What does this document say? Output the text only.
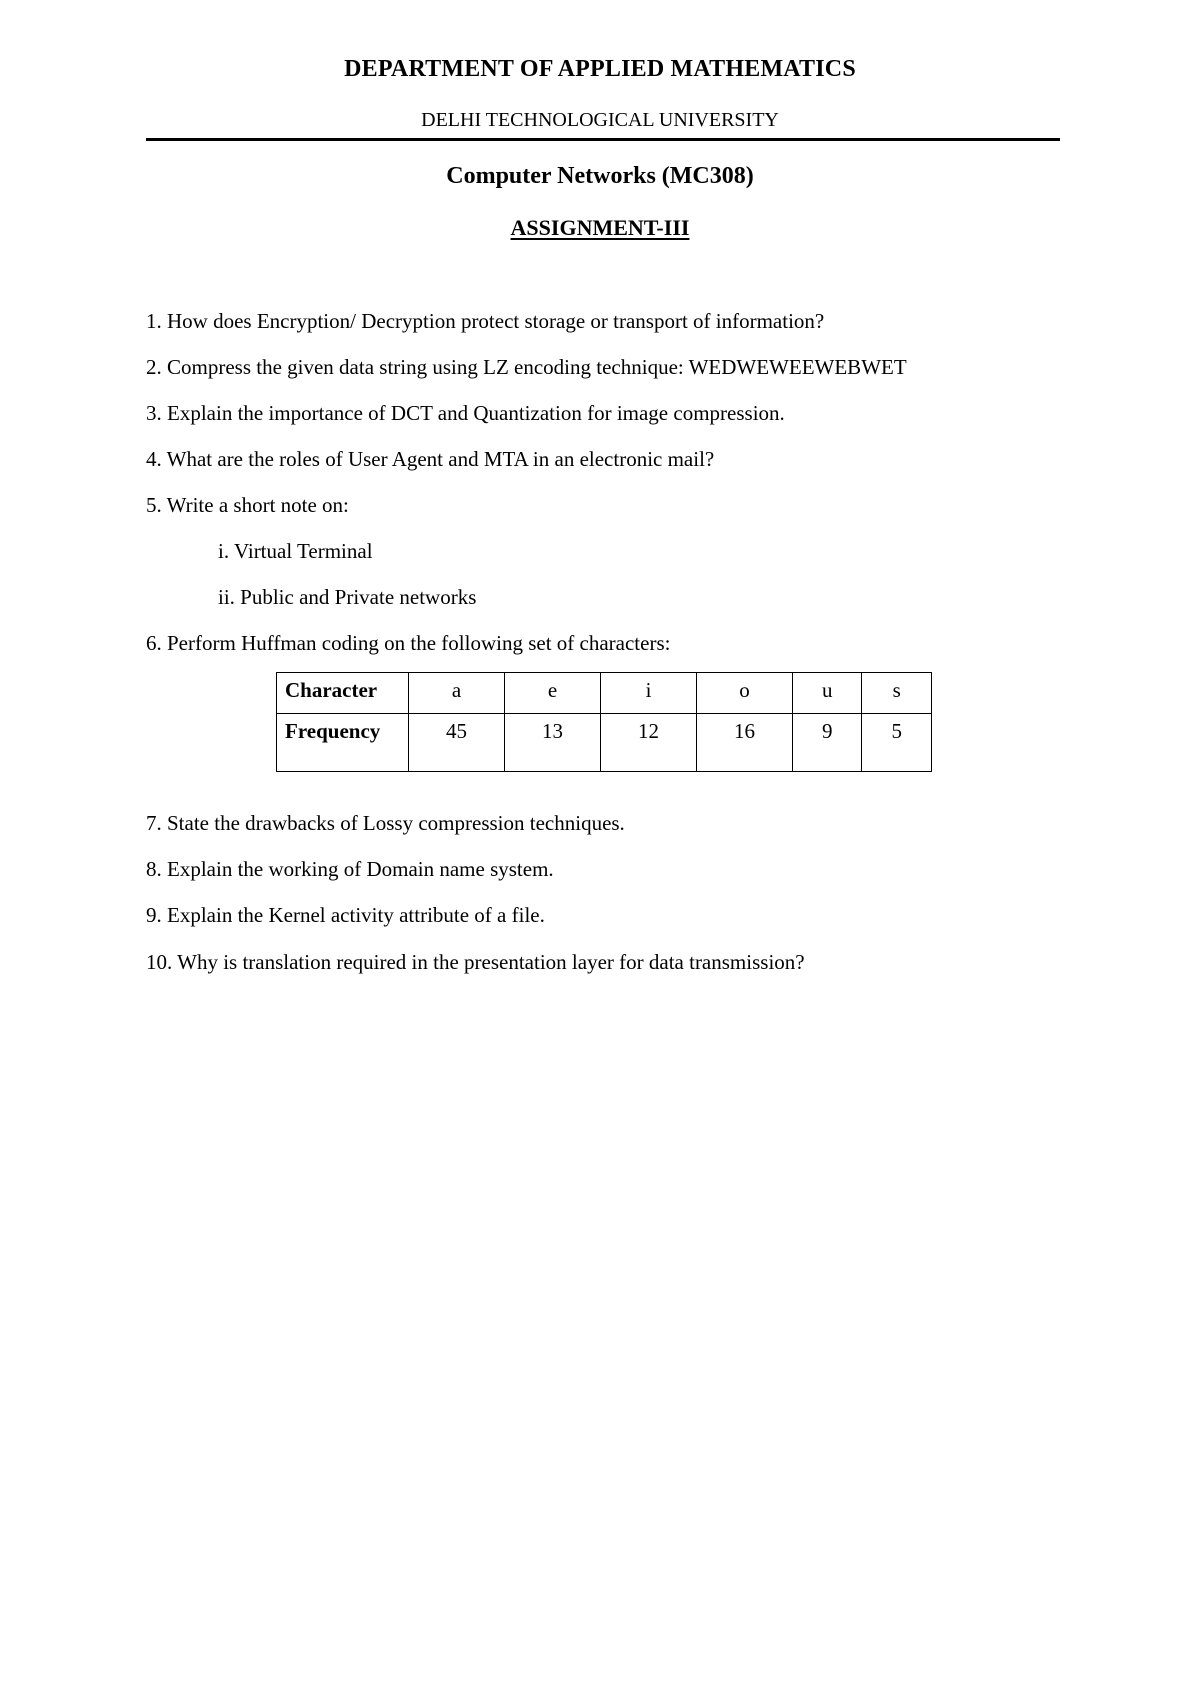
DEPARTMENT OF APPLIED MATHEMATICS
DELHI TECHNOLOGICAL UNIVERSITY
Computer Networks (MC308)
ASSIGNMENT-III
1. How does Encryption/ Decryption protect storage or transport of information?
2. Compress the given data string using LZ encoding technique: WEDWEWEEWEBWET
3. Explain the importance of DCT and Quantization for image compression.
4. What are the roles of User Agent and MTA in an electronic mail?
5. Write a short note on:
i. Virtual Terminal
ii. Public and Private networks
6. Perform Huffman coding on the following set of characters:
Character	a	e	i	o	u	s
Frequency	45	13	12	16	9	5
7. State the drawbacks of Lossy compression techniques.
8. Explain the working of Domain name system.
9. Explain the Kernel activity attribute of a file.
10. Why is translation required in the presentation layer for data transmission?
